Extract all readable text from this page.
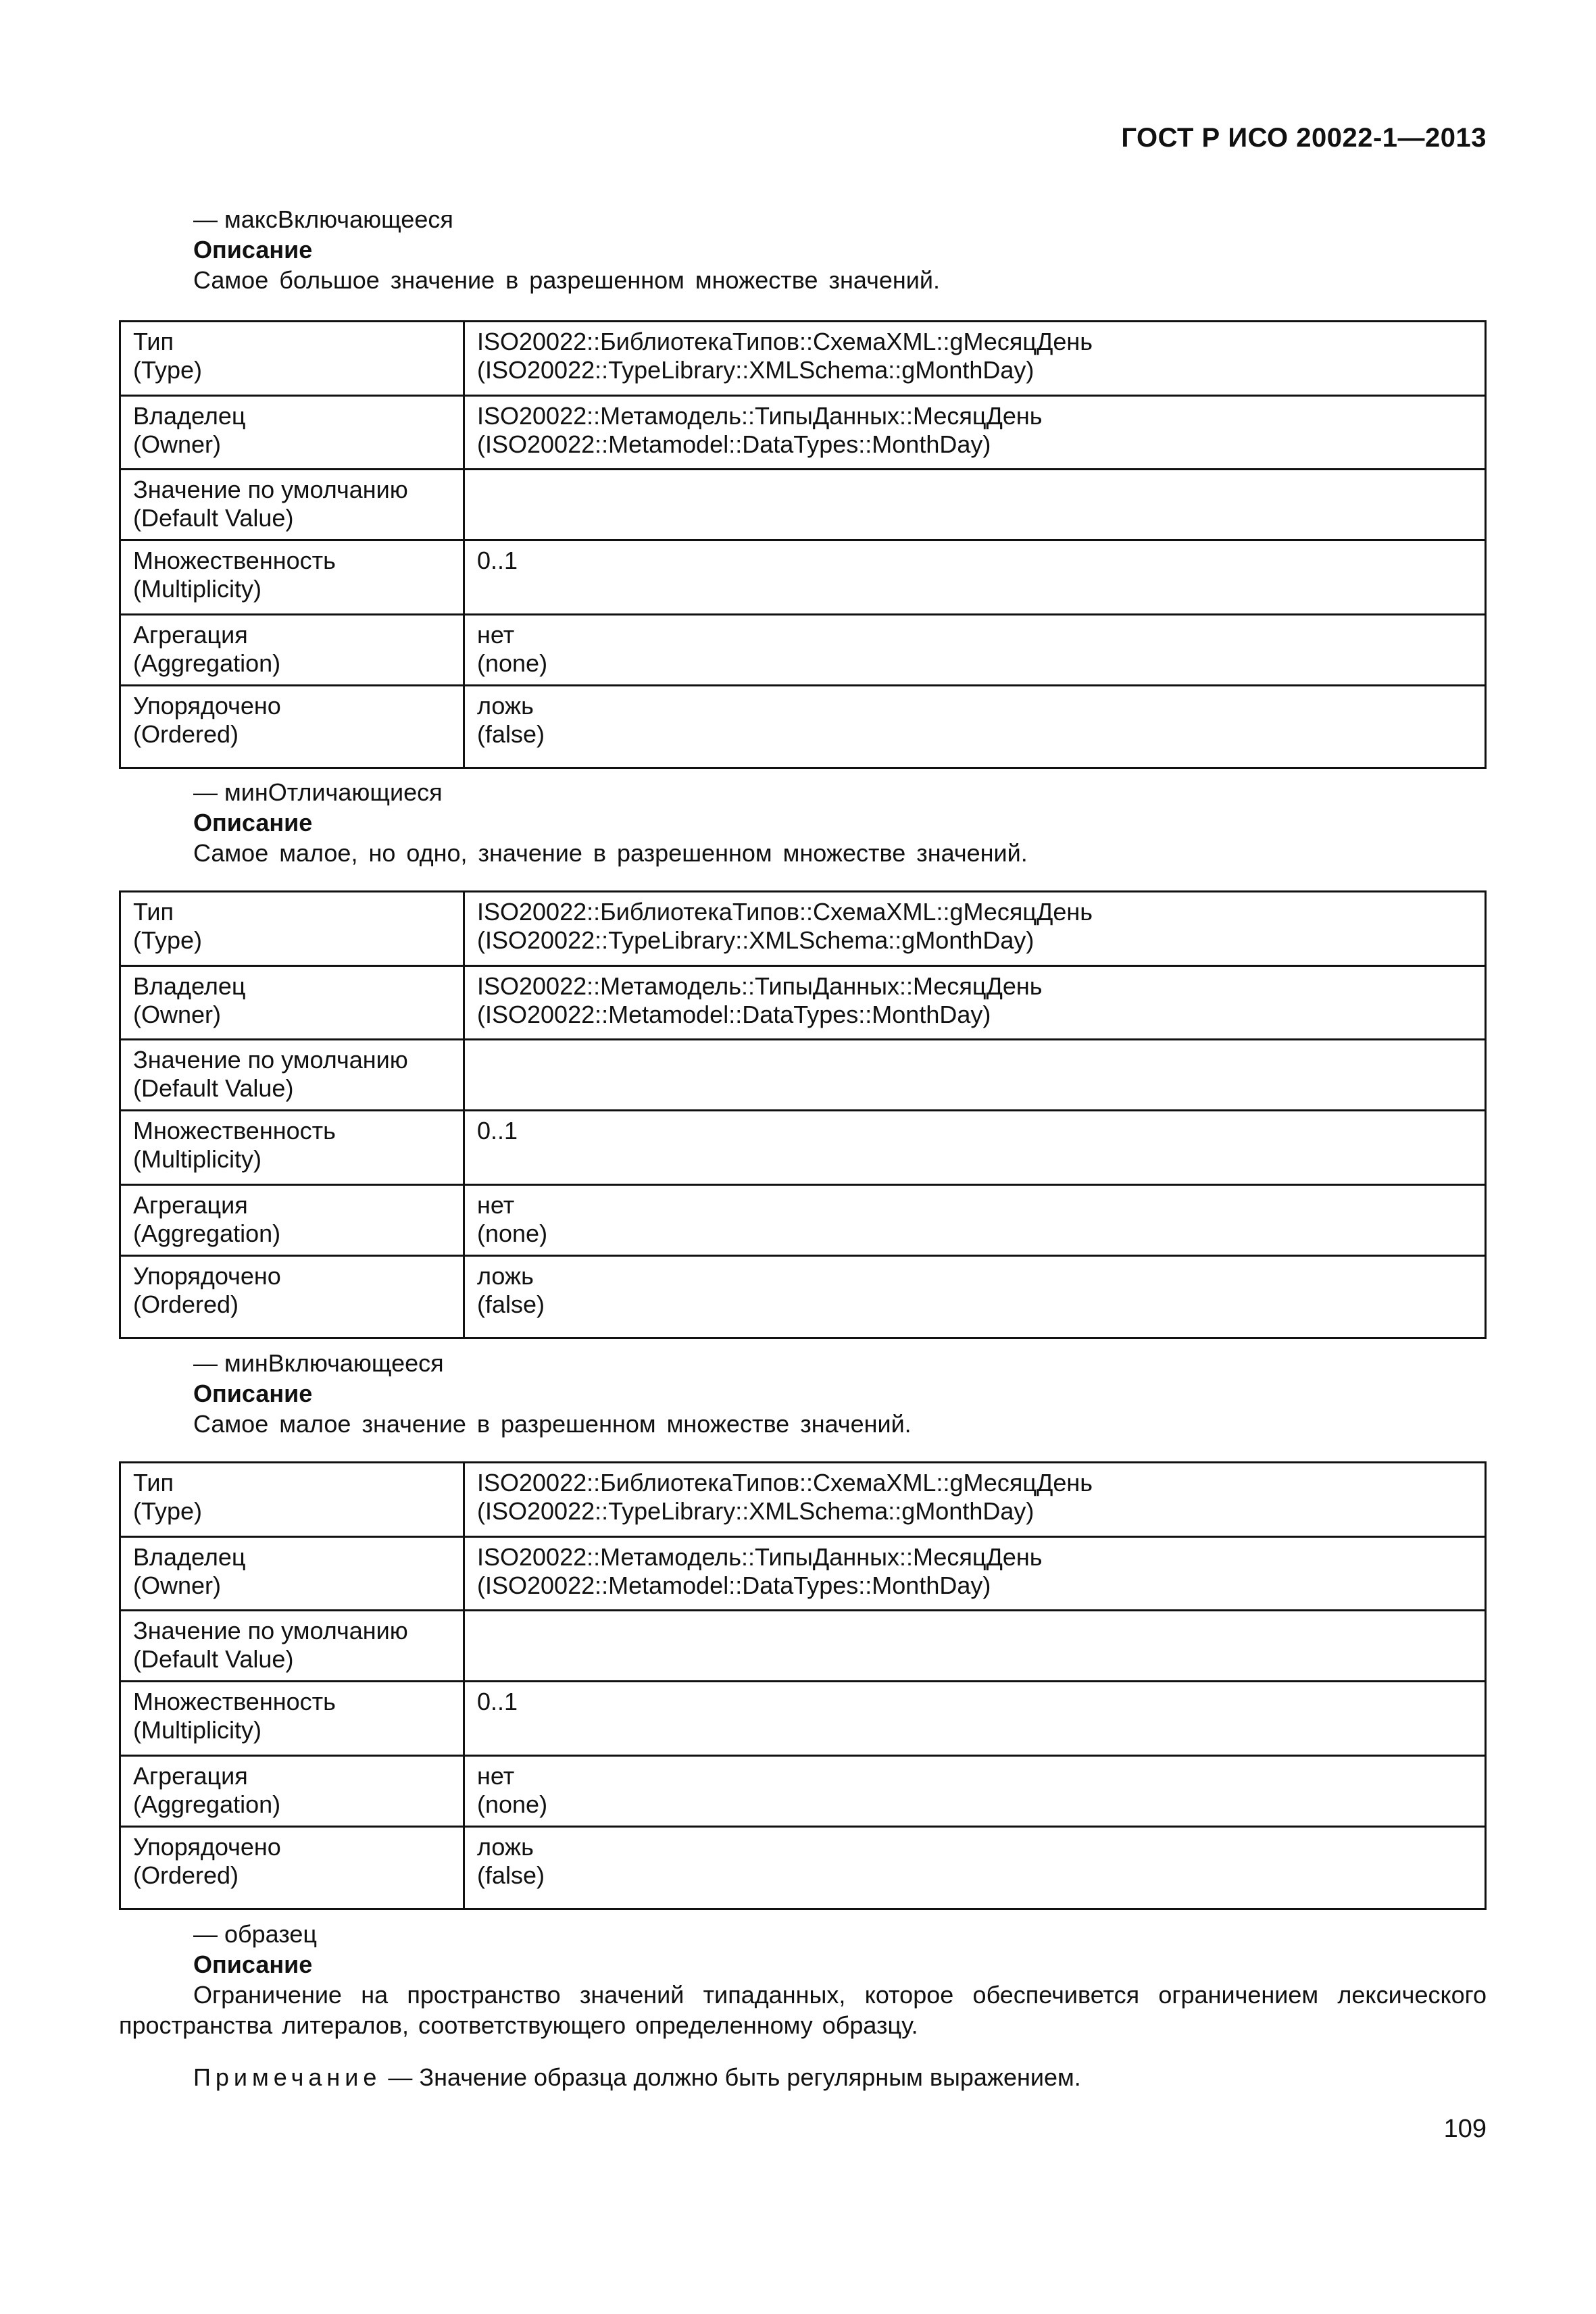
ГОСТ Р ИСО 20022-1—2013
— максВключающееся
Описание
Самое большое значение в разрешенном множестве значений.
Тип
(Type)	ISO20022::БиблиотекаТипов::СхемаXML::gМесяцДень
(ISO20022::TypeLibrary::XMLSchema::gMonthDay)

Владелец
(Owner)	ISO20022::Метамодель::ТипыДанных::МесяцДень
(ISO20022::Metamodel::DataTypes::MonthDay)

Значение по умолчанию
(Default Value)	

Множественность
(Multiplicity)	0..1

Агрегация
(Aggregation)	нет
(none)

Упорядочено
(Ordered)	ложь
(false)
— минОтличающиеся
Описание
Самое малое, но одно, значение в разрешенном множестве значений.
Тип
(Type)	ISO20022::БиблиотекаТипов::СхемаXML::gМесяцДень
(ISO20022::TypeLibrary::XMLSchema::gMonthDay)

Владелец
(Owner)	ISO20022::Метамодель::ТипыДанных::МесяцДень
(ISO20022::Metamodel::DataTypes::MonthDay)

Значение по умолчанию
(Default Value)	

Множественность
(Multiplicity)	0..1

Агрегация
(Aggregation)	нет
(none)

Упорядочено
(Ordered)	ложь
(false)
— минВключающееся
Описание
Самое малое значение в разрешенном множестве значений.
Тип
(Type)	ISO20022::БиблиотекаТипов::СхемаXML::gМесяцДень
(ISO20022::TypeLibrary::XMLSchema::gMonthDay)

Владелец
(Owner)	ISO20022::Метамодель::ТипыДанных::МесяцДень
(ISO20022::Metamodel::DataTypes::MonthDay)

Значение по умолчанию
(Default Value)	

Множественность
(Multiplicity)	0..1

Агрегация
(Aggregation)	нет
(none)

Упорядочено
(Ordered)	ложь
(false)
— образец
Описание
Ограничение на пространство значений типаданных, которое обеспечивется ограничением лексического пространства литералов, соответствующего определенному образцу.
Примечание — Значение образца должно быть регулярным выражением.
109
